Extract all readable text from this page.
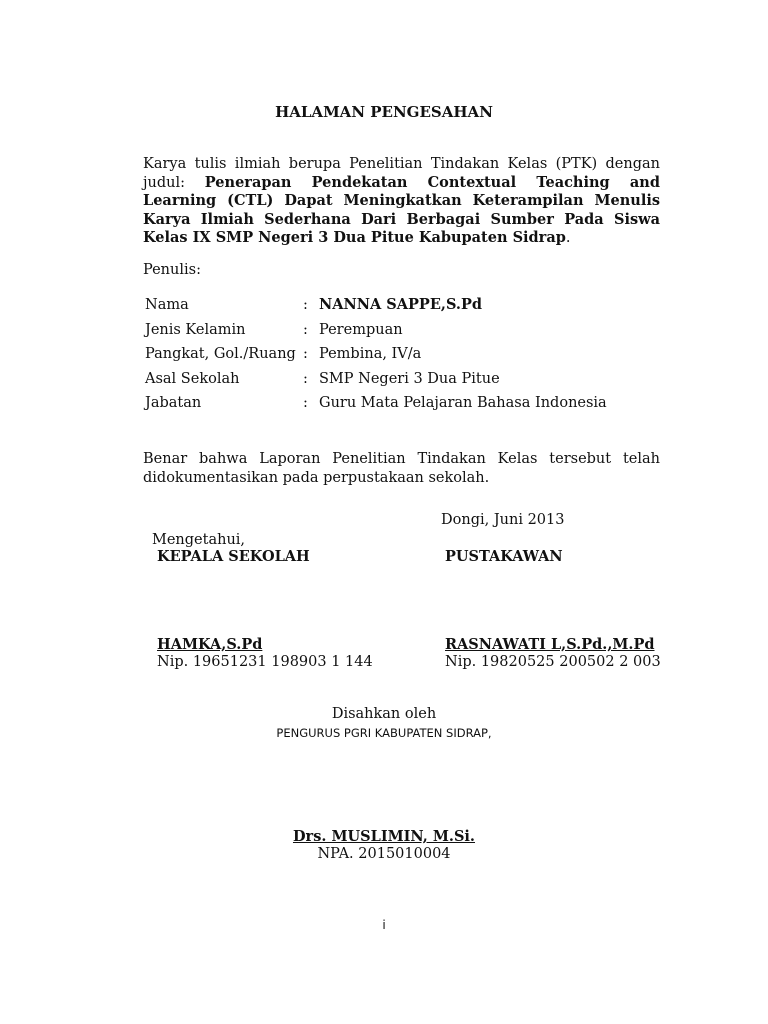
HALAMAN PENGESAHAN
Karya tulis ilmiah berupa Penelitian Tindakan Kelas (PTK) dengan judul: Penerapan Pendekatan Contextual Teaching and Learning (CTL) Dapat Meningkatkan Keterampilan Menulis Karya Ilmiah Sederhana Dari Berbagai Sumber Pada Siswa Kelas IX SMP Negeri 3 Dua Pitue Kabupaten Sidrap.
Penulis:
Nama	: NANNA SAPPE,S.Pd
Jenis Kelamin	: Perempuan
Pangkat, Gol./Ruang : Pembina, IV/a
Asal Sekolah	: SMP Negeri 3 Dua Pitue
Jabatan	: Guru Mata Pelajaran Bahasa Indonesia
Benar bahwa Laporan Penelitian Tindakan Kelas tersebut telah didokumentasikan pada perpustakaan sekolah.
Dongi, Juni 2013
Mengetahui,
KEPALA SEKOLAH	PUSTAKAWAN
HAMKA,S.Pd
Nip. 19651231 198903 1 144
RASNAWATI L,S.Pd.,M.Pd
Nip. 19820525 200502 2 003
Disahkan oleh
PENGURUS PGRI KABUPATEN SIDRAP,
Drs. MUSLIMIN, M.Si.
NPA. 2015010004
i
